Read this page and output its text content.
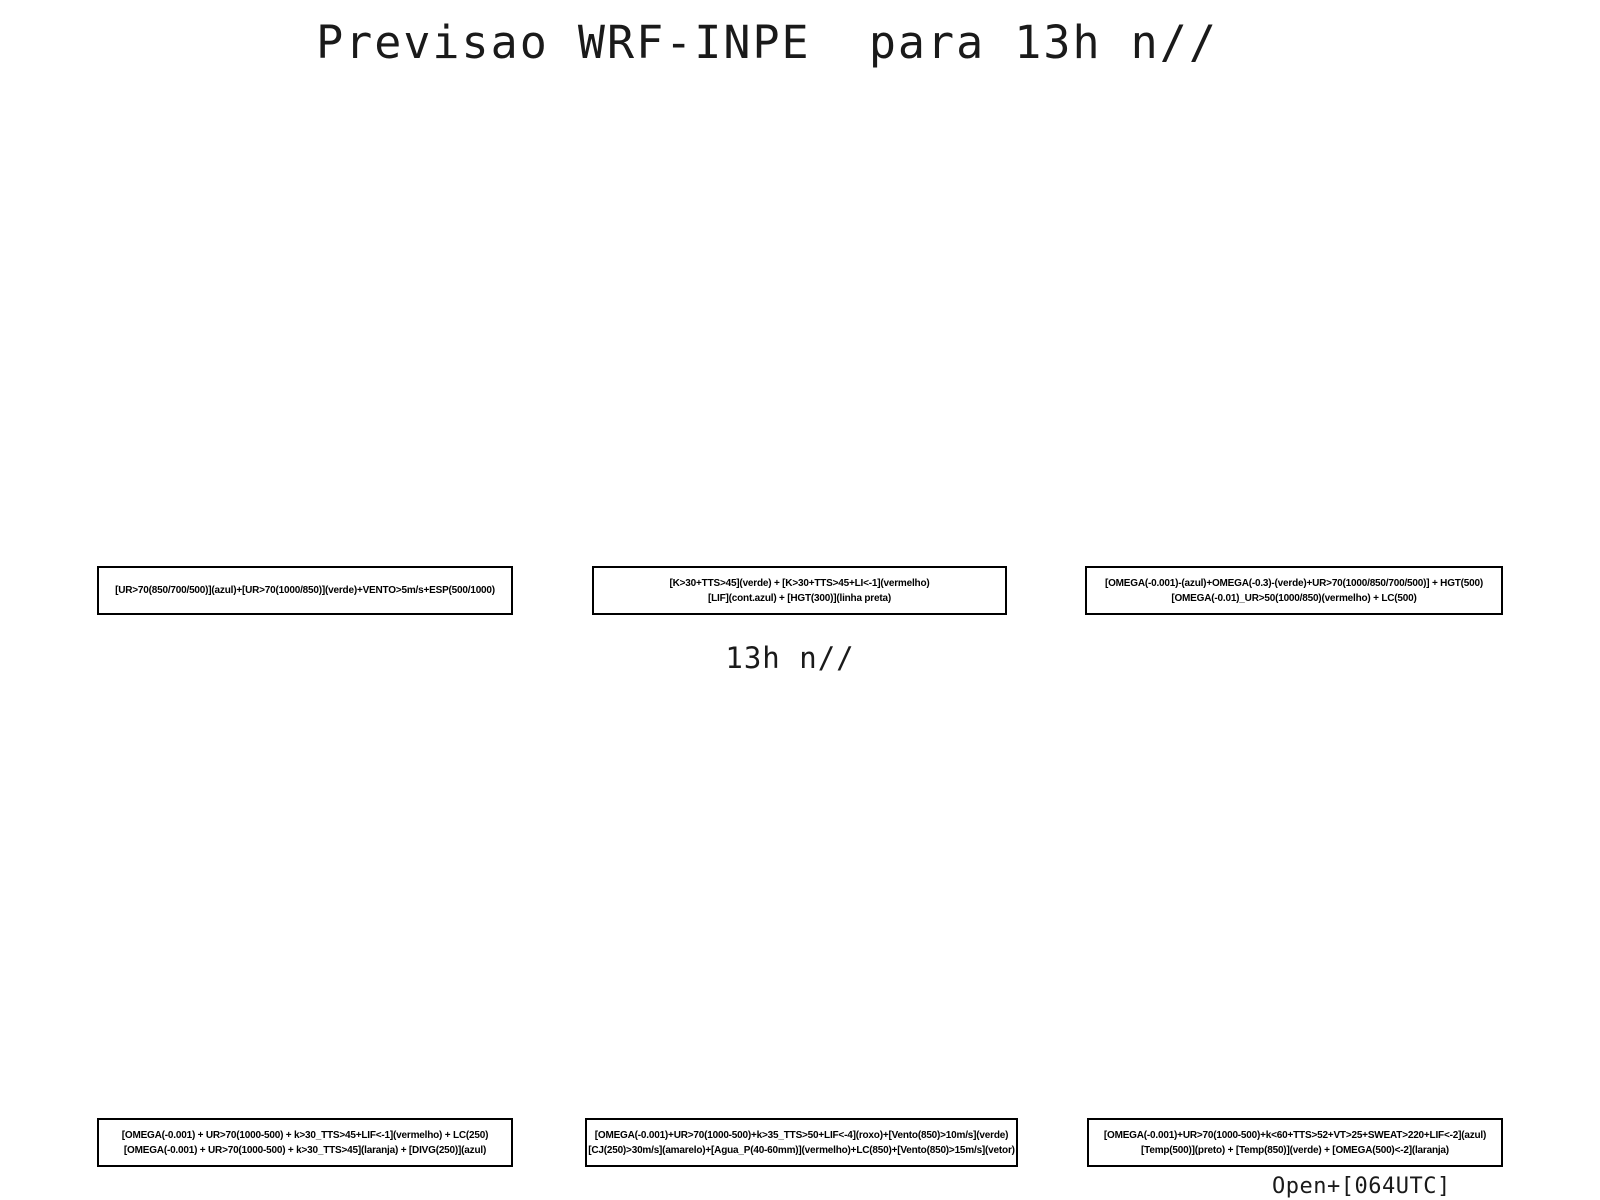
Previsao WRF-INPE  para 13h n//
[UR>70(850/700/500)](azul)+[UR>70(1000/850)](verde)+VENTO>5m/s+ESP(500/1000)
[K>30+TTS>45](verde) + [K>30+TTS>45+LI<-1](vermelho)
[LIF](cont.azul) + [HGT(300)](linha preta)
[OMEGA(-0.001)-(azul)+OMEGA(-0.3)-(verde)+UR>70(1000/850/700/500)] + HGT(500)
[OMEGA(-0.01)_UR>50(1000/850)(vermelho) + LC(500)
13h n//
[OMEGA(-0.001) + UR>70(1000-500) + k>30_TTS>45+LIF<-1](vermelho) + LC(250)
[OMEGA(-0.001) + UR>70(1000-500) + k>30_TTS>45](laranja) + [DIVG(250)](azul)
[OMEGA(-0.001)+UR>70(1000-500)+k>35_TTS>50+LIF<-4](roxo)+[Vento(850)>10m/s](verde)
[CJ(250)>30m/s](amarelo)+[Agua_P(40-60mm)](vermelho)+LC(850)+[Vento(850)>15m/s](vetor)
[OMEGA(-0.001)+UR>70(1000-500)+k<60+TTS>52+VT>25+SWEAT>220+LIF<-2](azul)
[Temp(500)](preto) + [Temp(850)](verde) + [OMEGA(500)<-2](laranja)
Open+[064UTC]
